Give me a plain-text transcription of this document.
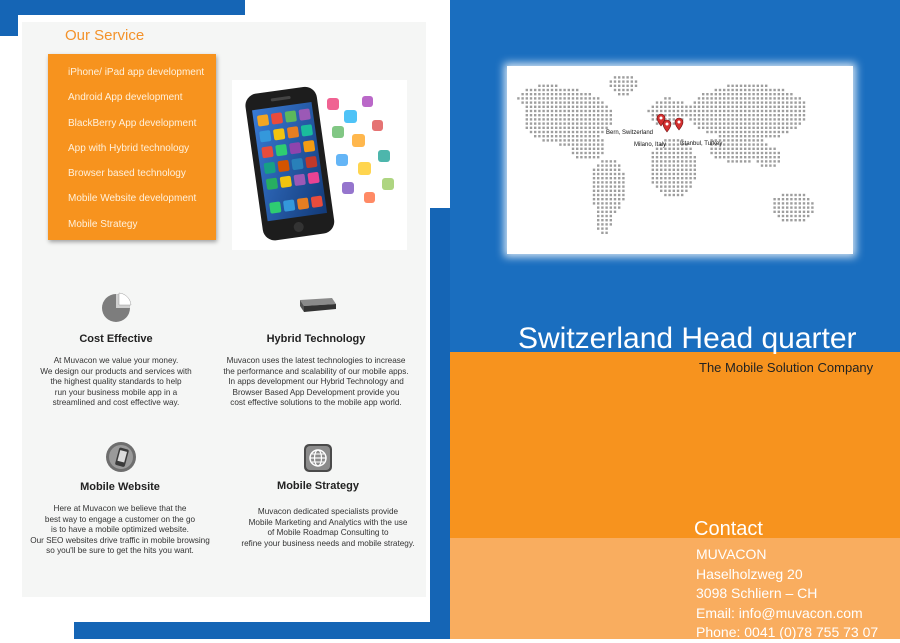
Our Service
iPhone/ iPad app development
Android App development
BlackBerry App development
App with Hybrid technology
Browser based technology
Mobile Website development
Mobile Strategy
Cost Effective
At Muvacon we value your money.
We design our products and services with
the highest quality standards to help
run your business mobile app in a
streamlined and cost effective way.
Hybrid Technology
Muvacon uses the latest technologies to increase
the performance and scalability of our mobile apps.
In apps development our Hybrid Technology and
Browser Based App Development provide you
cost effective solutions to the mobile app world.
Mobile Website
Here at Muvacon we believe that the
best way to engage a customer on the go
is to have a mobile optimized website.
Our SEO websites drive traffic in mobile browsing
so you'll be sure to get the hits you want.
Mobile Strategy
Muvacon dedicated specialists provide
Mobile Marketing and Analytics with the use
of Mobile Roadmap Consulting to
refine your business needs and mobile strategy.
Bern, Switzerland
Milano, Italy Istanbul, Turkey
Switzerland Head quarter
The Mobile Solution Company
Contact
MUVACON
Haselholzweg 20
3098 Schliern – CH
Email: info@muvacon.com
Phone: 0041 (0)78 755 73 07
